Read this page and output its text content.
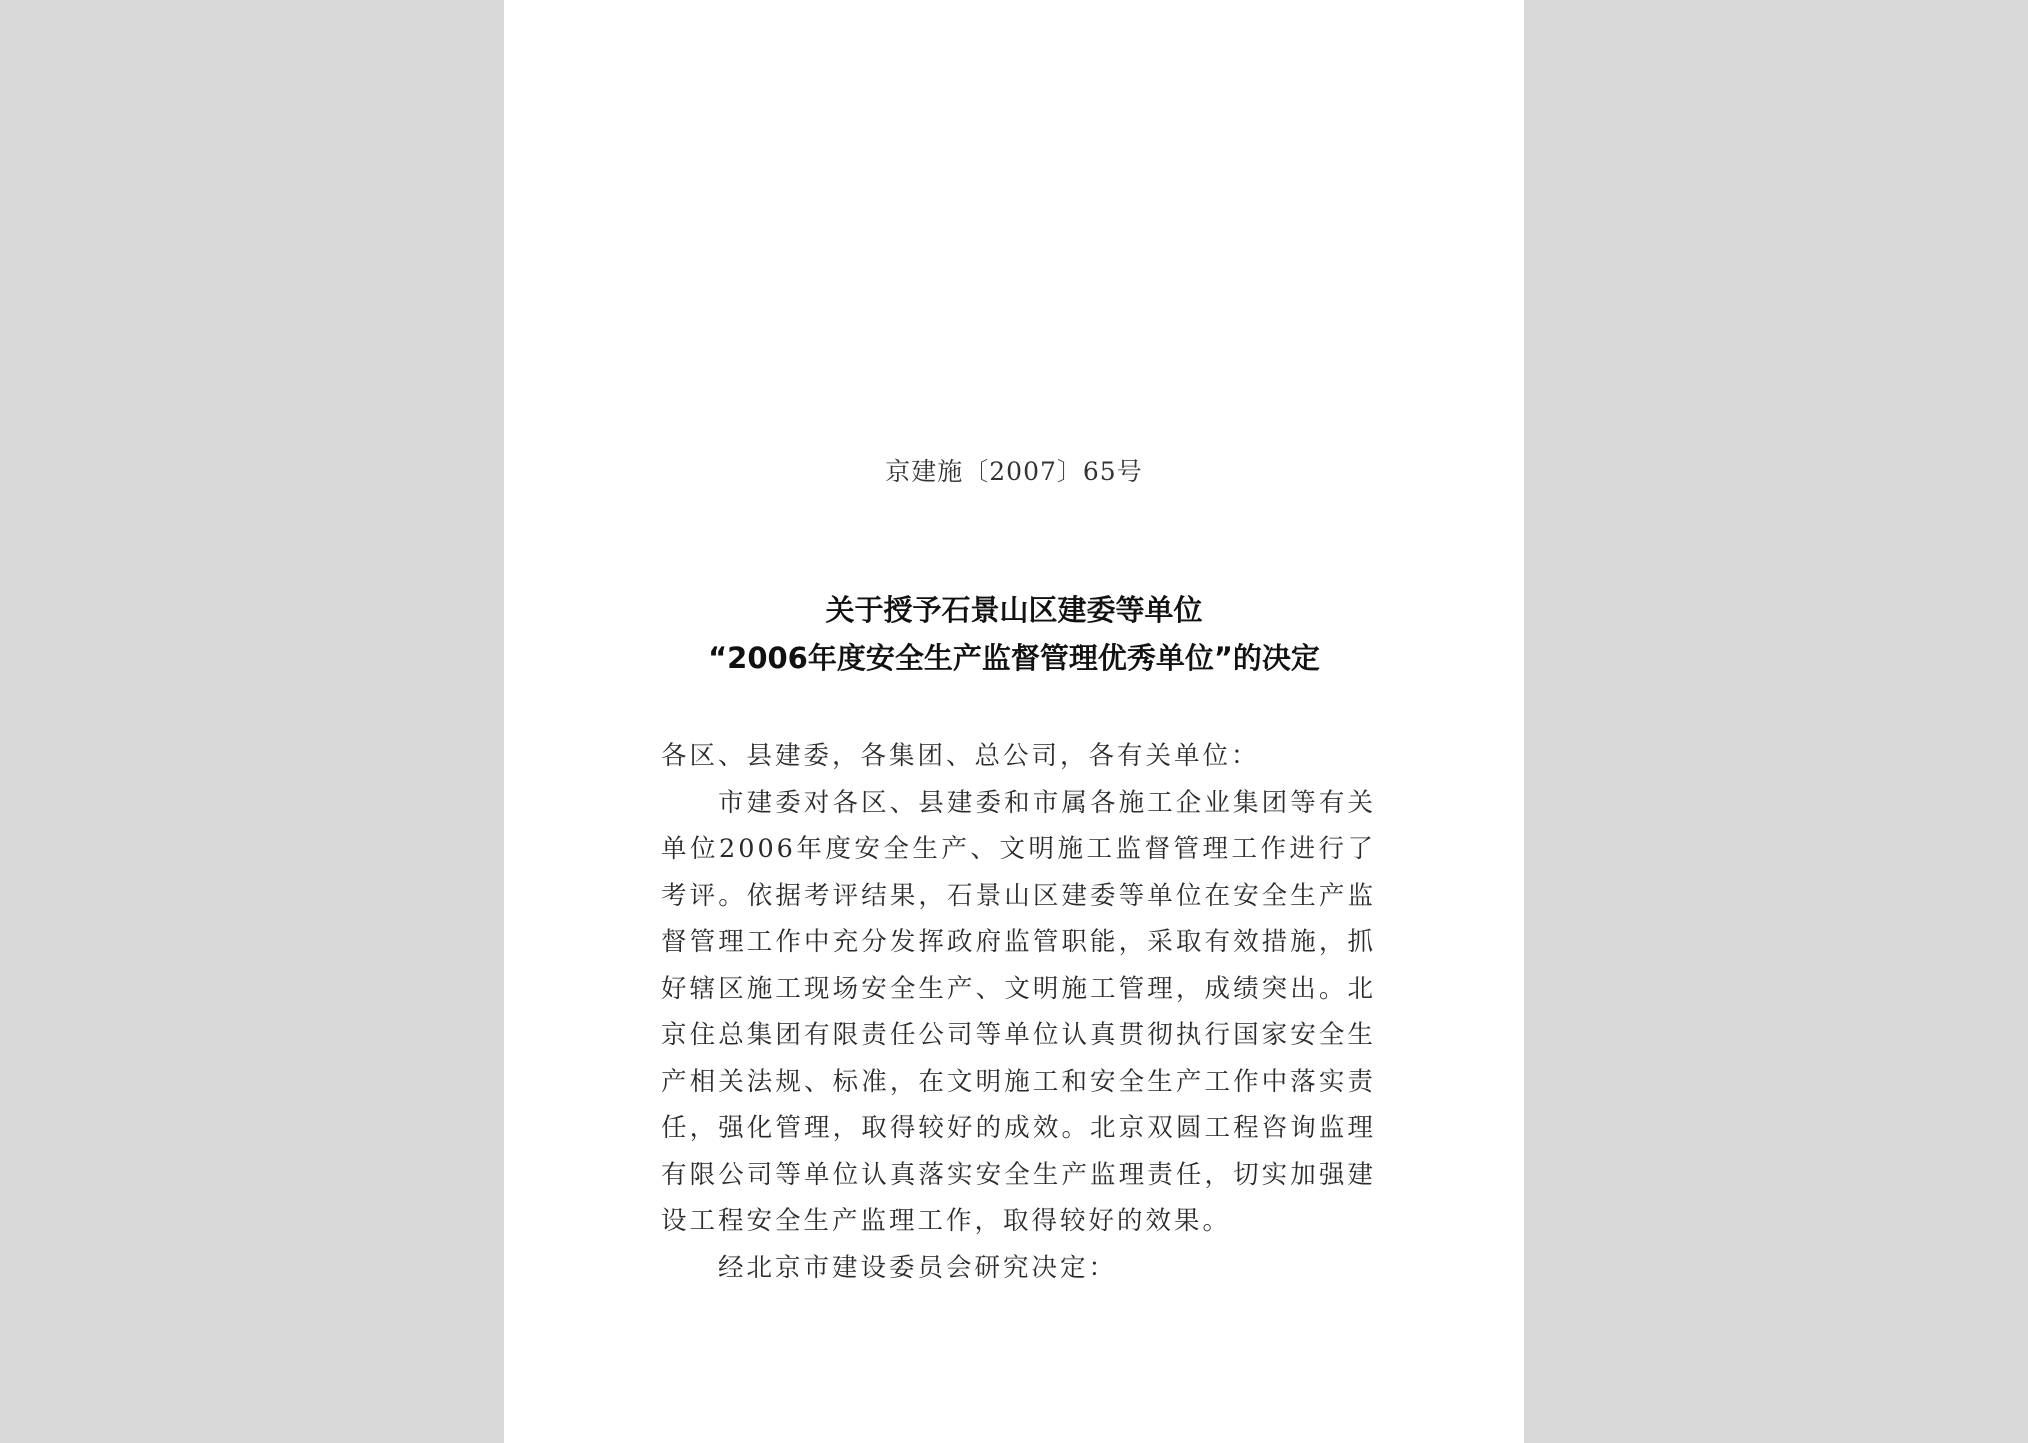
京建施〔2007〕65号

关于授予石景山区建委等单位

“2006年度安全生产监督管理优秀单位”的决定

各区、县建委，各集团、总公司，各有关单位：

市建委对各区、县建委和市属各施工企业集团等有关单位2006年度安全生产、文明施工监督管理工作进行了考评。依据考评结果，石景山区建委等单位在安全生产监督管理工作中充分发挥政府监管职能，采取有效措施，抓好辖区施工现场安全生产、文明施工管理，成绩突出。北京住总集团有限责任公司等单位认真贯彻执行国家安全生产相关法规、标准，在文明施工和安全生产工作中落实责任，强化管理，取得较好的成效。北京双圆工程咨询监理有限公司等单位认真落实安全生产监理责任，切实加强建设工程安全生产监理工作，取得较好的效果。

经北京市建设委员会研究决定：
